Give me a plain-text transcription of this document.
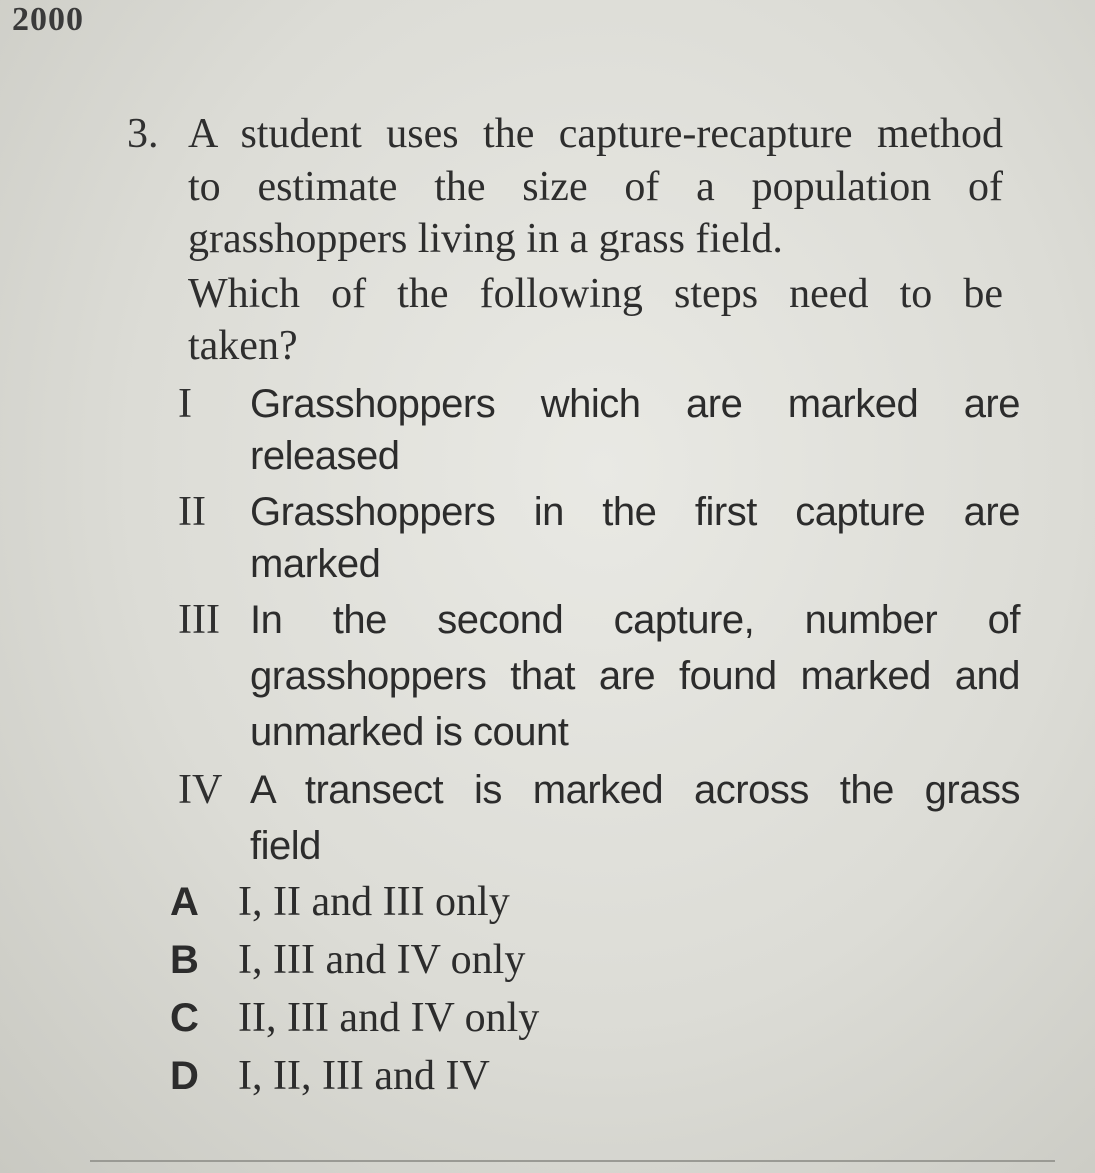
2000
3. A student uses the capture-recapture method
to estimate the size of a population of
grasshoppers living in a grass field.
Which of the following steps need to be
taken?
I Grasshoppers which are marked are
released
II Grasshoppers in the first capture are
marked
III In the second capture, number of
grasshoppers that are found marked and
unmarked is count
IV A transect is marked across the grass
field
A I, II and III only
B I, III and IV only
C II, III and IV only
D I, II, III and IV
